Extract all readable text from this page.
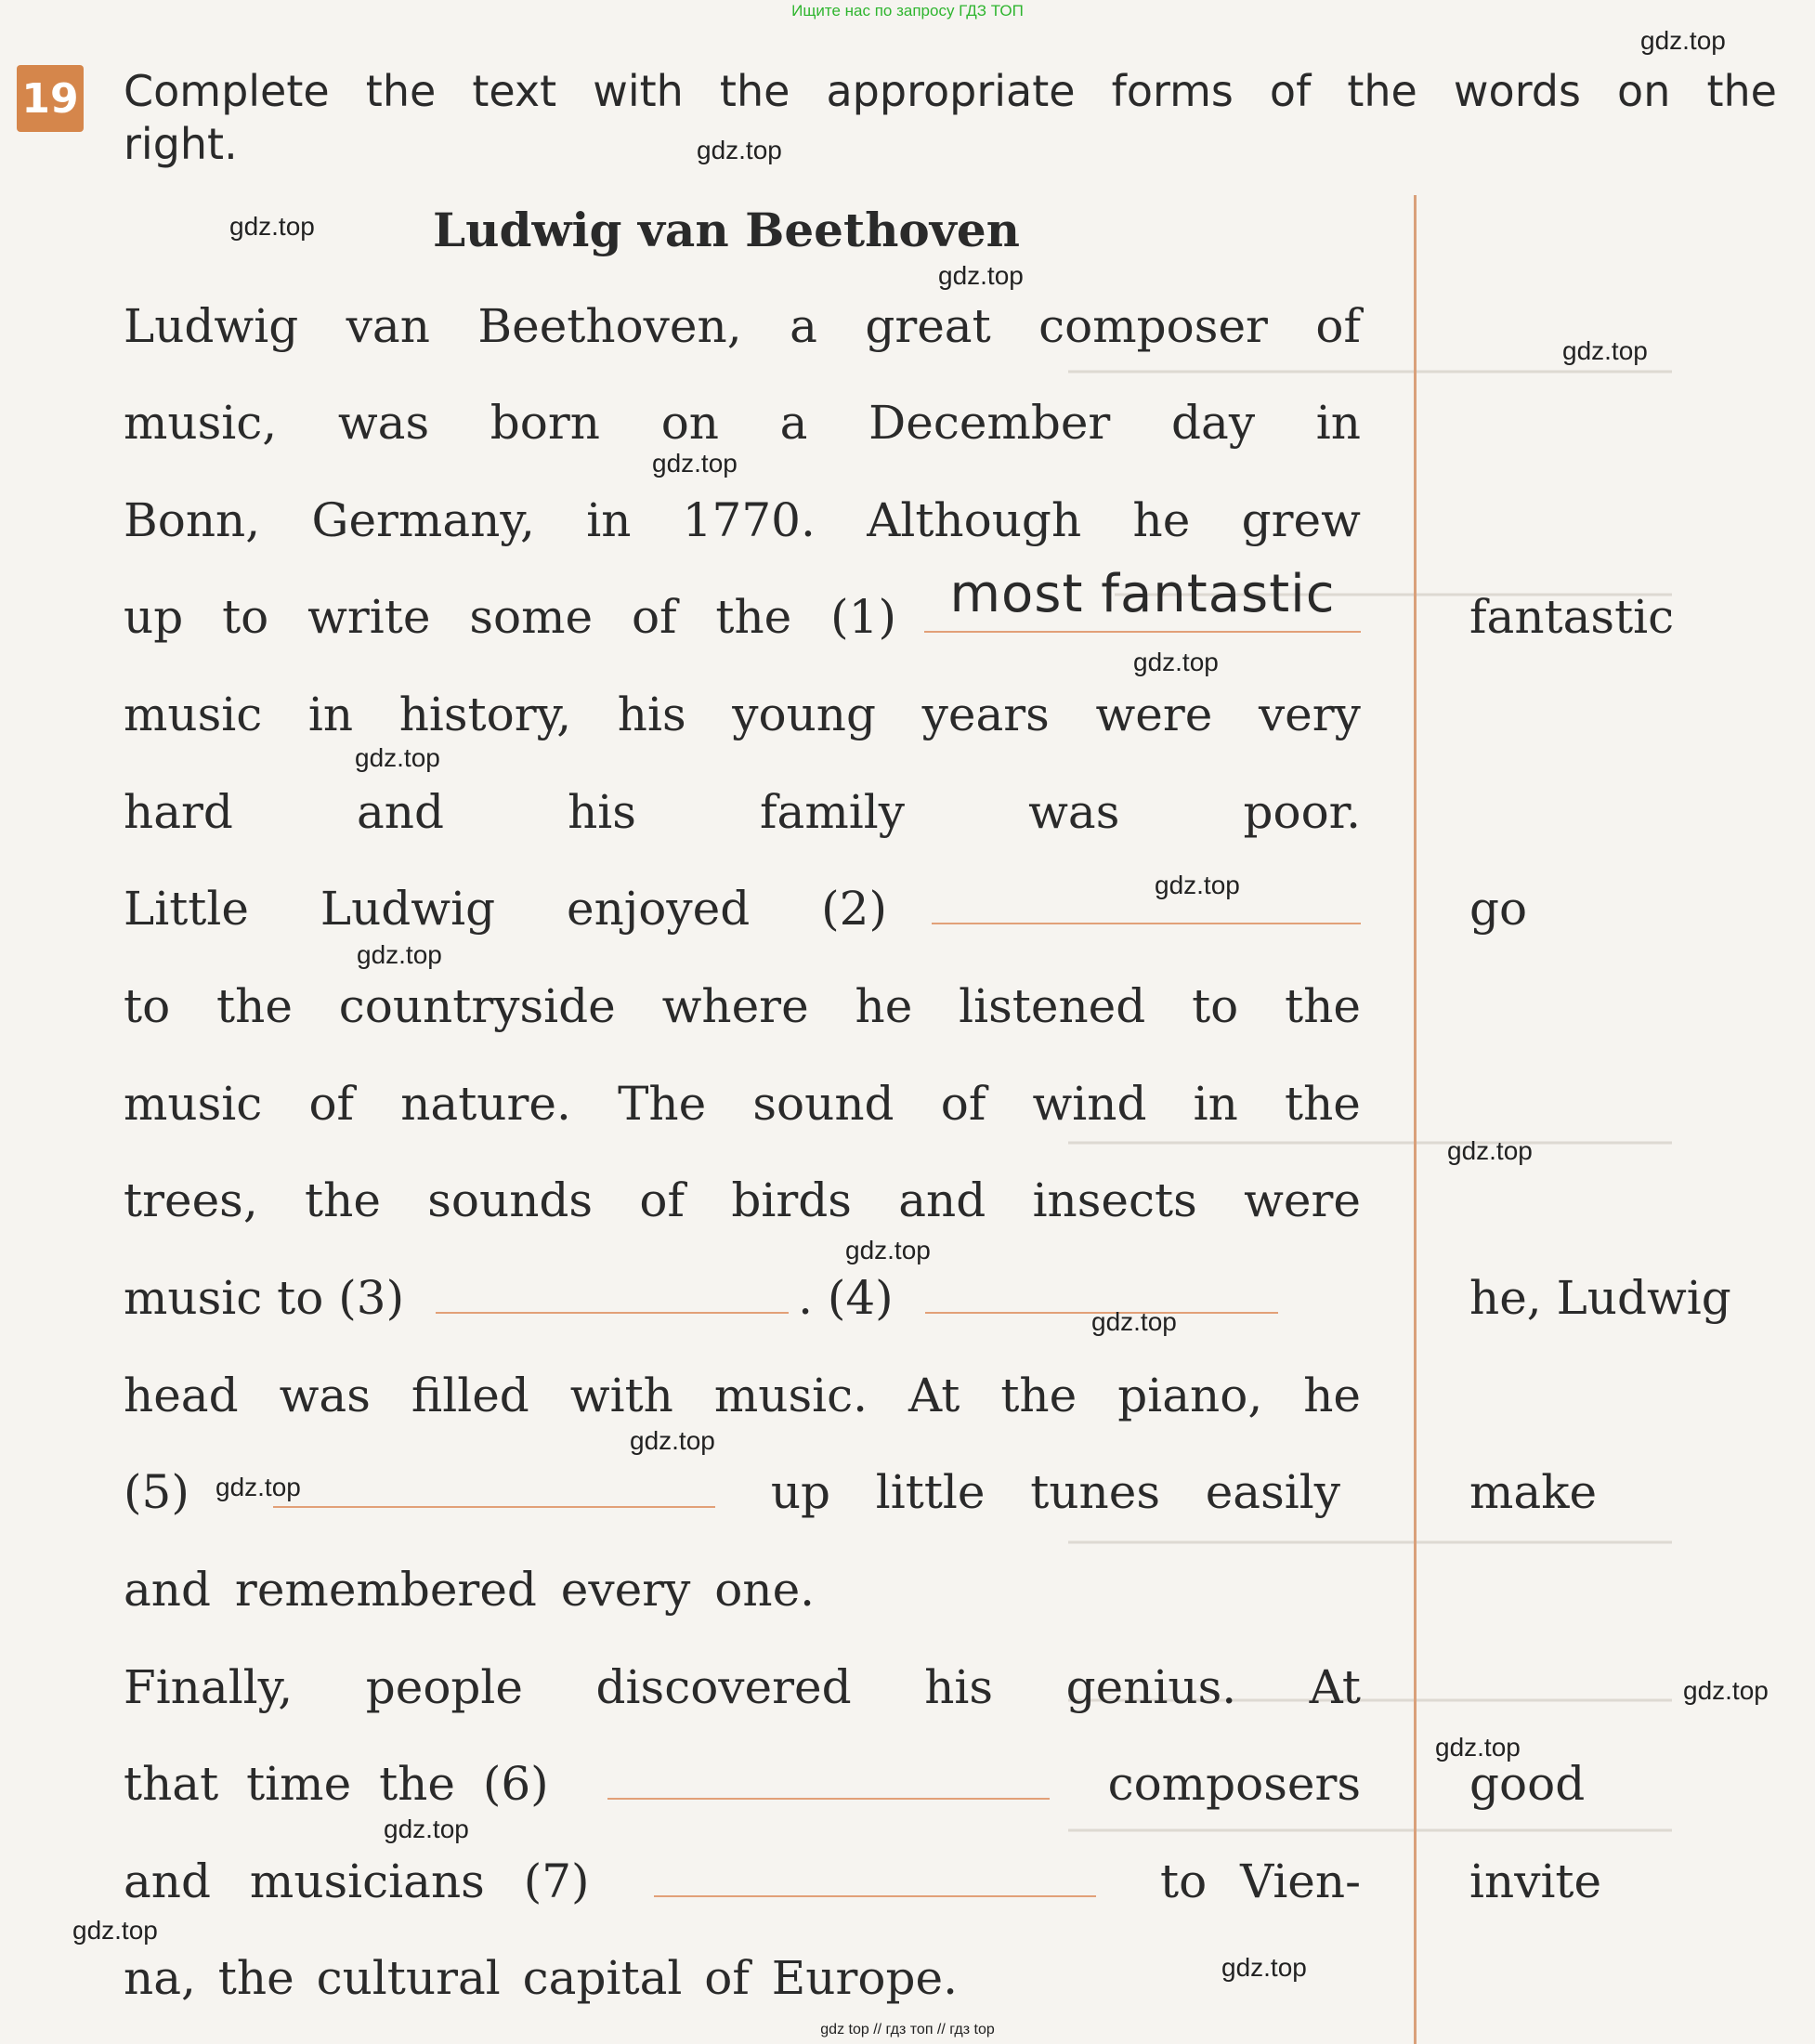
Ищите нас по запросу ГДЗ ТОП
19 Complete the text with the appropriate forms of the words on the
right.
Ludwig van Beethoven
Ludwig van Beethoven, a great composer of
music, was born on a December day in
Bonn, Germany, in 1770. Although he grew
up to write some of the (1)	most fantastic
music in history, his young years were very
hard	and	his	family	was	poor.
Little Ludwig enjoyed (2)
to the countryside where he listened to the
music of nature. The sound of wind in the
trees, the sounds of birds and insects were
music to (3)	. (4)
head was filled with music. At the piano, he
(5)	up little tunes easily
and remembered every one.
Finally, people discovered his genius. At
that time the (6)	composers
and musicians (7)	to Vien-
na, the cultural capital of Europe.
fantastic
go
he, Ludwig
make
good
invite
gdz.top
gdz.top
gdz.top
gdz.top
gdz.top
gdz.top
gdz.top
gdz.top
gdz.top
gdz.top
gdz.top
gdz.top
gdz.top
gdz.top
gdz.top
gdz.top
gdz.top
gdz.top
gdz.top
gdz.top
gdz top // гдз топ // гдз top
